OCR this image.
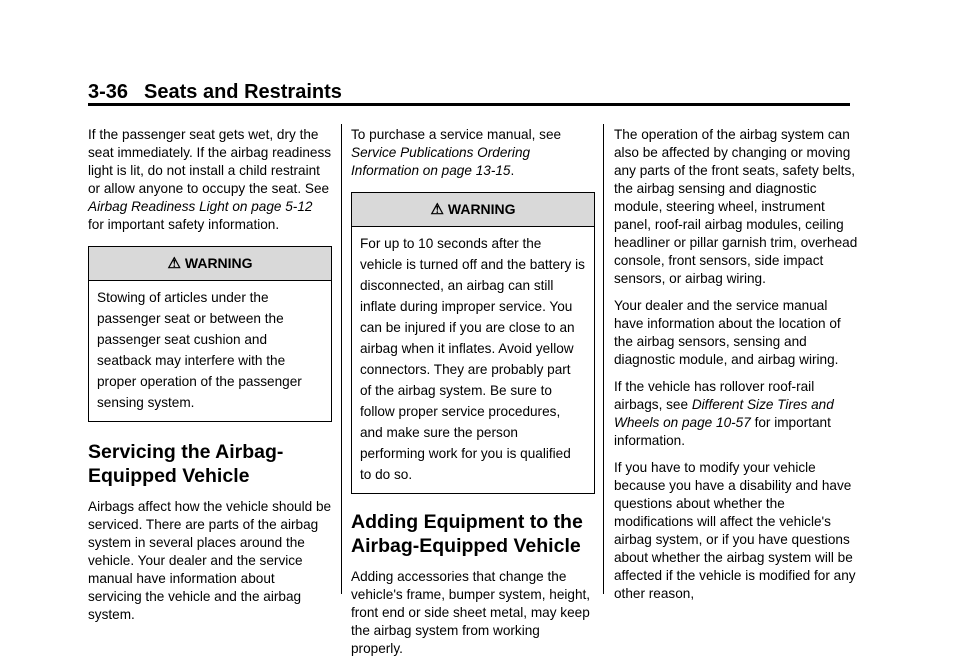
3-36 Seats and Restraints

If the passenger seat gets wet, dry the seat immediately. If the airbag readiness light is lit, do not install a child restraint or allow anyone to occupy the seat. See Airbag Readiness Light on page 5-12 for important safety information.

⚠ WARNING
Stowing of articles under the passenger seat or between the passenger seat cushion and seatback may interfere with the proper operation of the passenger sensing system.
Servicing the Airbag-Equipped Vehicle

Airbags affect how the vehicle should be serviced. There are parts of the airbag system in several places around the vehicle. Your dealer and the service manual have information about servicing the vehicle and the airbag system.

To purchase a service manual, see Service Publications Ordering Information on page 13-15.

⚠ WARNING
For up to 10 seconds after the vehicle is turned off and the battery is disconnected, an airbag can still inflate during improper service. You can be injured if you are close to an airbag when it inflates. Avoid yellow connectors. They are probably part of the airbag system. Be sure to follow proper service procedures, and make sure the person performing work for you is qualified to do so.
Adding Equipment to the Airbag-Equipped Vehicle

Adding accessories that change the vehicle's frame, bumper system, height, front end or side sheet metal, may keep the airbag system from working properly.

The operation of the airbag system can also be affected by changing or moving any parts of the front seats, safety belts, the airbag sensing and diagnostic module, steering wheel, instrument panel, roof-rail airbag modules, ceiling headliner or pillar garnish trim, overhead console, front sensors, side impact sensors, or airbag wiring.

Your dealer and the service manual have information about the location of the airbag sensors, sensing and diagnostic module, and airbag wiring.

If the vehicle has rollover roof-rail airbags, see Different Size Tires and Wheels on page 10-57 for important information.

If you have to modify your vehicle because you have a disability and have questions about whether the modifications will affect the vehicle's airbag system, or if you have questions about whether the airbag system will be affected if the vehicle is modified for any other reason,
